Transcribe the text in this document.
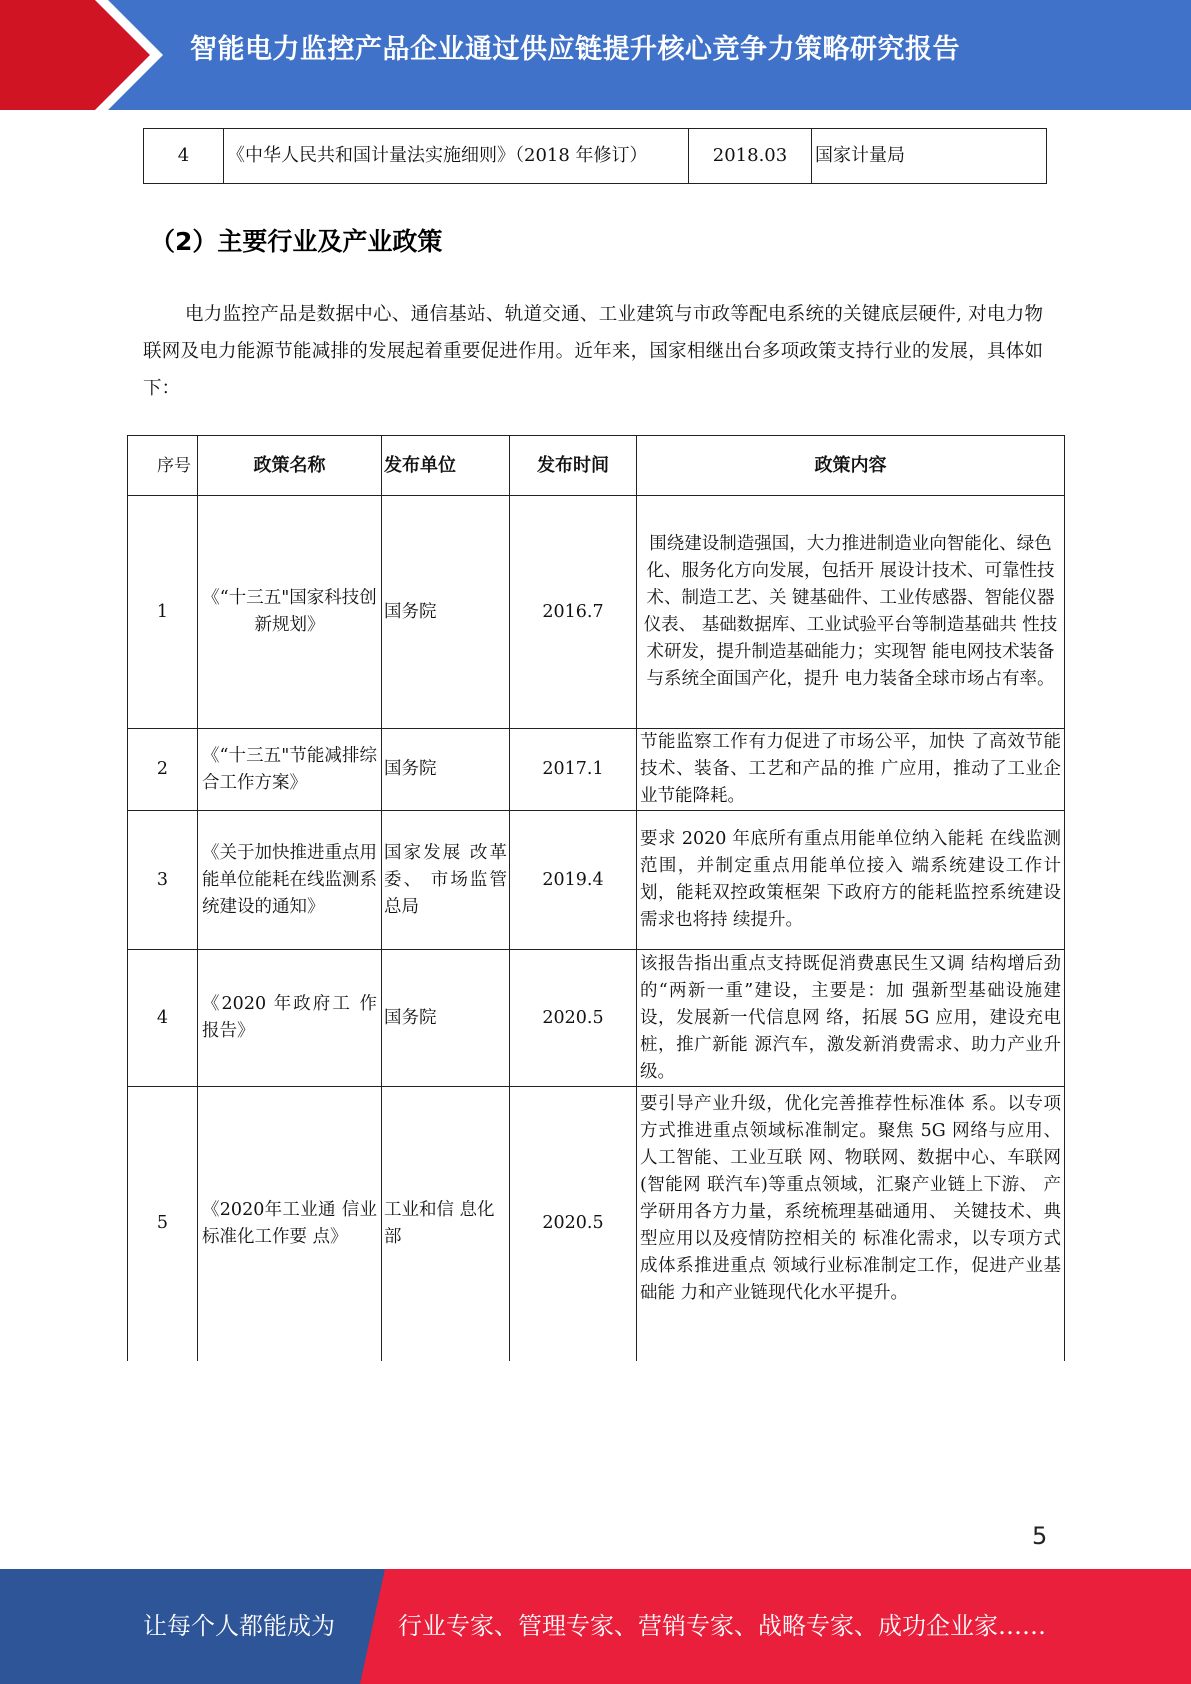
智能电力监控产品企业通过供应链提升核心竞争力策略研究报告
4	《中华人民共和国计量法实施细则》（2018 年修订）	2018.03	国家计量局
（2）主要行业及产业政策

电力监控产品是数据中心、通信基站、轨道交通、工业建筑与市政等配电系统的关键底层硬件, 对电力物联网及电力能源节能减排的发展起着重要促进作用。近年来，国家相继出台多项政策支持行业的发展，具体如下：

序号	政策名称	发布单位	发布时间	政策内容
1	《“十三五"国家科技创新规划》	国务院	2016.7	围绕建设制造强国，大力推进制造业向智能化、绿色化、服务化方向发展，包括开 展设计技术、可靠性技术、制造工艺、关 键基础件、工业传感器、智能仪器仪表、 基础数据库、工业试验平台等制造基础共 性技术研发，提升制造基础能力；实现智 能电网技术装备与系统全面国产化，提升 电力装备全球市场占有率。
2	《“十三五"节能减排综合工作方案》	国务院	2017.1	节能监察工作有力促进了市场公平，加快 了高效节能技术、装备、工艺和产品的推 广应用，推动了工业企业节能降耗。
3	《关于加快推进重点用能单位能耗在线监测系统建设的通知》	国家发展 改革委、 市场监管 总局	2019.4	要求 2020 年底所有重点用能单位纳入能耗 在线监测范围，并制定重点用能单位接入 端系统建设工作计划，能耗双控政策框架 下政府方的能耗监控系统建设需求也将持 续提升。
4	《2020 年政府工 作报告》	国务院	2020.5	该报告指出重点支持既促消费惠民生又调 结构增后劲的“两新一重”建设，主要是：加 强新型基础设施建设，发展新一代信息网 络，拓展 5G 应用，建设充电桩，推广新能 源汽车，激发新消费需求、助力产业升级。
5	《2020年工业通 信业标准化工作要 点》	工业和信 息化部	2020.5	要引导产业升级，优化完善推荐性标准体 系。以专项方式推进重点领域标准制定。聚焦 5G 网络与应用、人工智能、工业互联 网、物联网、数据中心、车联网(智能网 联汽车)等重点领域，汇聚产业链上下游、 产学研用各方力量，系统梳理基础通用、 关键技术、典型应用以及疫情防控相关的 标准化需求，以专项方式成体系推进重点 领域行业标准制定工作，促进产业基础能 力和产业链现代化水平提升。
5
让每个人都能成为	行业专家、管理专家、营销专家、战略专家、成功企业家……
